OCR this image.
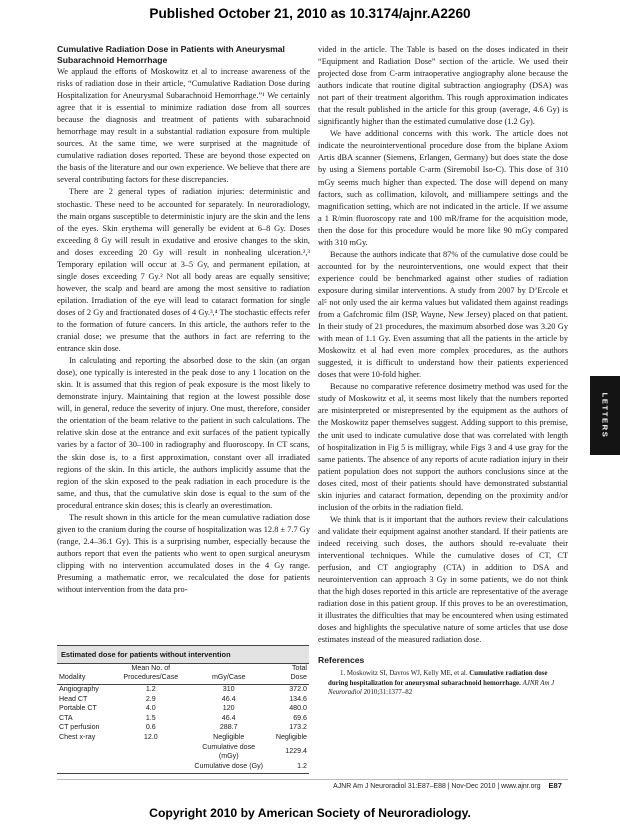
Published October 21, 2010 as 10.3174/ajnr.A2260
Cumulative Radiation Dose in Patients with Aneurysmal
Subarachnoid Hemorrhage

We applaud the efforts of Moskowitz et al to increase awareness of the risks of radiation dose in their article, “Cumulative Radiation Dose during Hospitalization for Aneurysmal Subarachnoid Hemorrhage.”¹ We certainly agree that it is essential to minimize radiation dose from all sources because the diagnosis and treatment of patients with subarachnoid hemorrhage may result in a substantial radiation exposure from multiple sources. At the same time, we were surprised at the magnitude of cumulative radiation doses reported. These are beyond those expected on the basis of the literature and our own experience. We believe that there are several contributing factors for these discrepancies.

There are 2 general types of radiation injuries: deterministic and stochastic. These need to be accounted for separately. In neuroradiology, the main organs susceptible to deterministic injury are the skin and the lens of the eyes. Skin erythema will generally be evident at 6–8 Gy. Doses exceeding 8 Gy will result in exudative and erosive changes to the skin, and doses exceeding 20 Gy will result in nonhealing ulceration.²,³ Temporary epilation will occur at 3–5 Gy, and permanent epilation, at single doses exceeding 7 Gy.² Not all body areas are equally sensitive; however, the scalp and beard are among the most sensitive to radiation epilation. Irradiation of the eye will lead to cataract formation for single doses of 2 Gy and fractionated doses of 4 Gy.³,⁴ The stochastic effects refer to the formation of future cancers. In this article, the authors refer to the cranial dose; we presume that the authors in fact are referring to the entrance skin dose.

In calculating and reporting the absorbed dose to the skin (an organ dose), one typically is interested in the peak dose to any 1 location on the skin. It is assumed that this region of peak exposure is the most likely to demonstrate injury. Maintaining that region at the lowest possible dose will, in general, reduce the severity of injury. One must, therefore, consider the orientation of the beam relative to the patient in such calculations. The relative skin dose at the entrance and exit surfaces of the patient typically varies by a factor of 30–100 in radiography and fluoroscopy. In CT scans, the skin dose is, to a first approximation, constant over all irradiated regions of the skin. In this article, the authors implicitly assume that the region of the skin exposed to the peak radiation in each procedure is the same, and thus, that the cumulative skin dose is equal to the sum of the procedural entrance skin doses; this is clearly an overestimation.

The result shown in this article for the mean cumulative radiation dose given to the cranium during the course of hospitalization was 12.8 ± 7.7 Gy (range, 2.4–36.1 Gy). This is a surprising number, especially because the authors report that even the patients who went to open surgical aneurysm clipping with no intervention accumulated doses in the 4 Gy range. Presuming a mathematic error, we recalculated the dose for patients without intervention from the data pro-

Estimated dose for patients without intervention
	Mean No. of		Total
Modality	Procedures/Case	mGy/Case	Dose
Angiography	1.2	310	372.0
Head CT	2.9	46.4	134.6
Portable CT	4.0	120	480.0
CTA	1.5	46.4	69.6
CT perfusion	0.6	288.7	173.2
Chest x-ray	12.0	Negligible	Negligible
		Cumulative dose (mGy)	1229.4
		Cumulative dose (Gy)	1.2

vided in the article. The Table is based on the doses indicated in their “Equipment and Radiation Dose” section of the article. We used their projected dose from C-arm intraoperative angiography alone because the authors indicate that routine digital subtraction angiography (DSA) was not part of their treatment algorithm. This rough approximation indicates that the result published in the article for this group (average, 4.6 Gy) is significantly higher than the estimated cumulative dose (1.2 Gy).

We have additional concerns with this work. The article does not indicate the neurointerventional procedure dose from the biplane Axiom Artis dBA scanner (Siemens, Erlangen, Germany) but does state the dose by using a Siemens portable C-arm (Siremobil Iso-C). This dose of 310 mGy seems much higher than expected. The dose will depend on many factors, such as collimation, kilovolt, and milliampere settings and the magnification setting, which are not indicated in the article. If we assume a 1 R/min fluoroscopy rate and 100 mR/frame for the acquisition mode, then the dose for this procedure would be more like 90 mGy compared with 310 mGy.

Because the authors indicate that 87% of the cumulative dose could be accounted for by the neurointerventions, one would expect that their experience could be benchmarked against other studies of radiation exposure during similar interventions. A study from 2007 by D’Ercole et al⁵ not only used the air kerma values but validated them against readings from a Gafchromic film (ISP, Wayne, New Jersey) placed on that patient. In their study of 21 procedures, the maximum absorbed dose was 3.20 Gy with mean of 1.1 Gy. Even assuming that all the patients in the article by Moskowitz et al had even more complex procedures, as the authors suggested, it is difficult to understand how their patients experienced doses that were 10-fold higher.

Because no comparative reference dosimetry method was used for the study of Moskowitz et al, it seems most likely that the numbers reported are misinterpreted or misrepresented by the equipment as the authors of the Moskowitz paper themselves suggest. Adding support to this premise, the unit used to indicate cumulative dose that was correlated with length of hospitalization in Fig 5 is milligray, while Figs 3 and 4 use gray for the same patients. The absence of any reports of acute radiation injury in their patient population does not support the authors conclusions since at the doses cited, most of their patients should have demonstrated substantial skin injuries and cataract formation, depending on the proximity and/or inclusion of the orbits in the radiation field.

We think that is it important that the authors review their calculations and validate their equipment against another standard. If their patients are indeed receiving such doses, the authors should re-evaluate their interventional techniques. While the cumulative doses of CT, CT perfusion, and CT angiography (CTA) in addition to DSA and neurointervention can approach 3 Gy in some patients, we do not think that the high doses reported in this article are representative of the average radiation dose in this patient group. If this proves to be an overestimation, it illustrates the difficulties that may be encountered when using estimated doses and highlights the speculative nature of some articles that use dose estimates instead of the measured radiation dose.

References

1. Moskowitz SI, Davros WJ, Kelly ME, et al. Cumulative radiation dose during hospitalization for aneurysmal subarachnoid hemorrhage. AJNR Am J Neuroradiol 2010;31:1377–82

LETTERS
AJNR Am J Neuroradiol 31:E87–E88 | Nov-Dec 2010 | www.ajnr.org E87
Copyright 2010 by American Society of Neuroradiology.
